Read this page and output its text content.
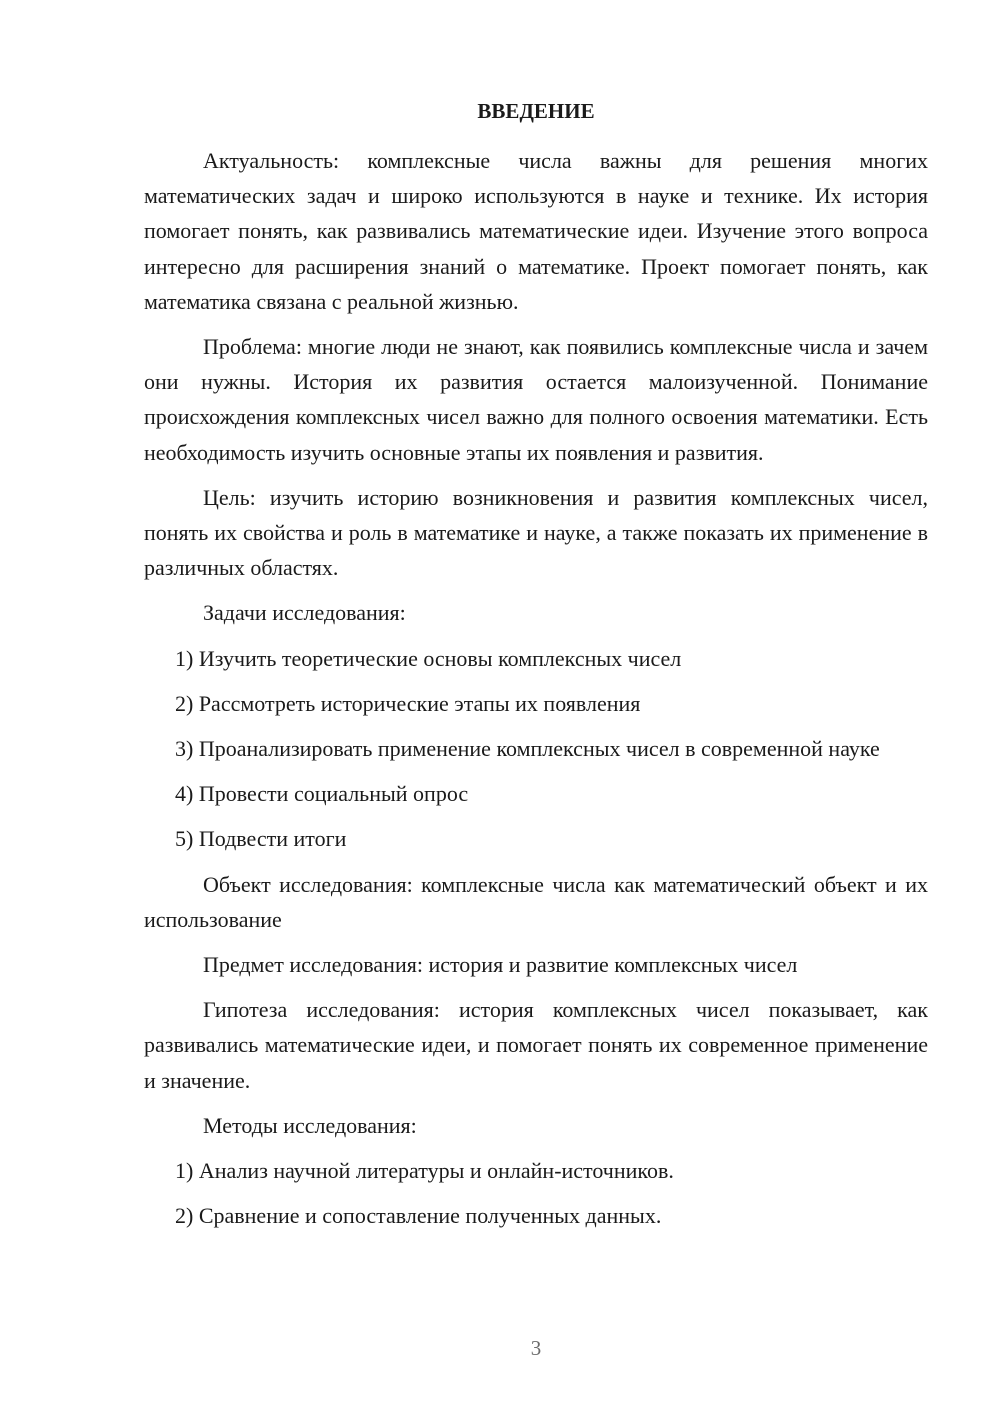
ВВЕДЕНИЕ

Актуальность: комплексные числа важны для решения многих математических задач и широко используются в науке и технике. Их история помогает понять, как развивались математические идеи. Изучение этого вопроса интересно для расширения знаний о математике. Проект помогает понять, как математика связана с реальной жизнью.

Проблема: многие люди не знают, как появились комплексные числа и зачем они нужны. История их развития остается малоизученной. Понимание происхождения комплексных чисел важно для полного освоения математики. Есть необходимость изучить основные этапы их появления и развития.

Цель: изучить историю возникновения и развития комплексных чисел, понять их свойства и роль в математике и науке, а также показать их применение в различных областях.

Задачи исследования:

1) Изучить теоретические основы комплексных чисел

2) Рассмотреть исторические этапы их появления

3) Проанализировать применение комплексных чисел в современной науке

4) Провести социальный опрос

5) Подвести итоги

Объект исследования: комплексные числа как математический объект и их использование

Предмет исследования: история и развитие комплексных чисел

Гипотеза исследования: история комплексных чисел показывает, как развивались математические идеи, и помогает понять их современное применение и значение.

Методы исследования:

1) Анализ научной литературы и онлайн-источников.

2) Сравнение и сопоставление полученных данных.

3
